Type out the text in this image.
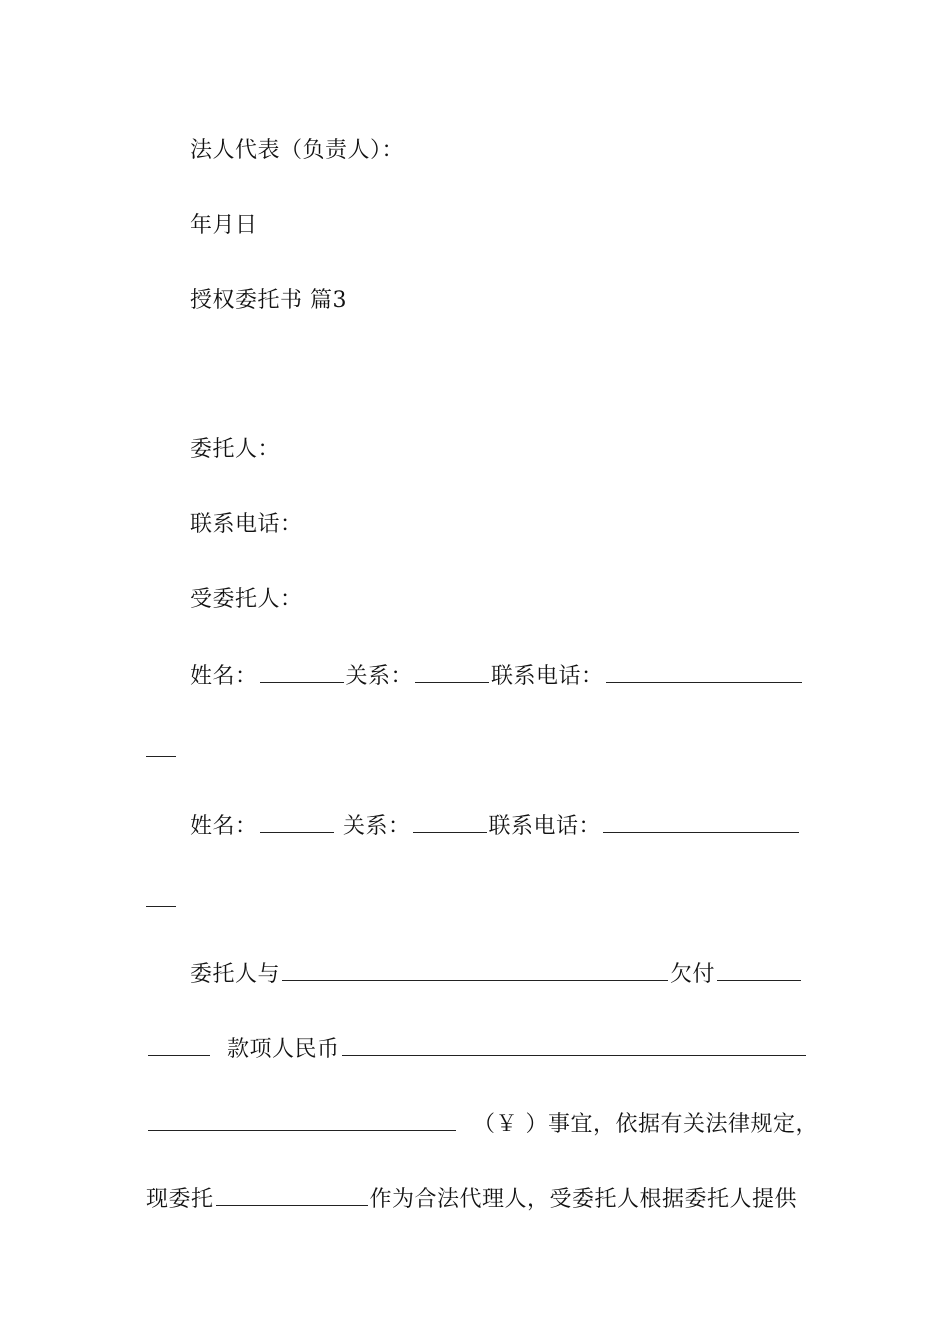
法人代表（负责人）：
年月日
授权委托书 篇3
委托人：
联系电话：
受委托人：
姓名：	关系：	联系电话：
姓名：	关系：	联系电话：
委托人与	欠付
款项人民币
（￥ ）事宜，依据有关法律规定，
现委托	作为合法代理人，受委托人根据委托人提供
